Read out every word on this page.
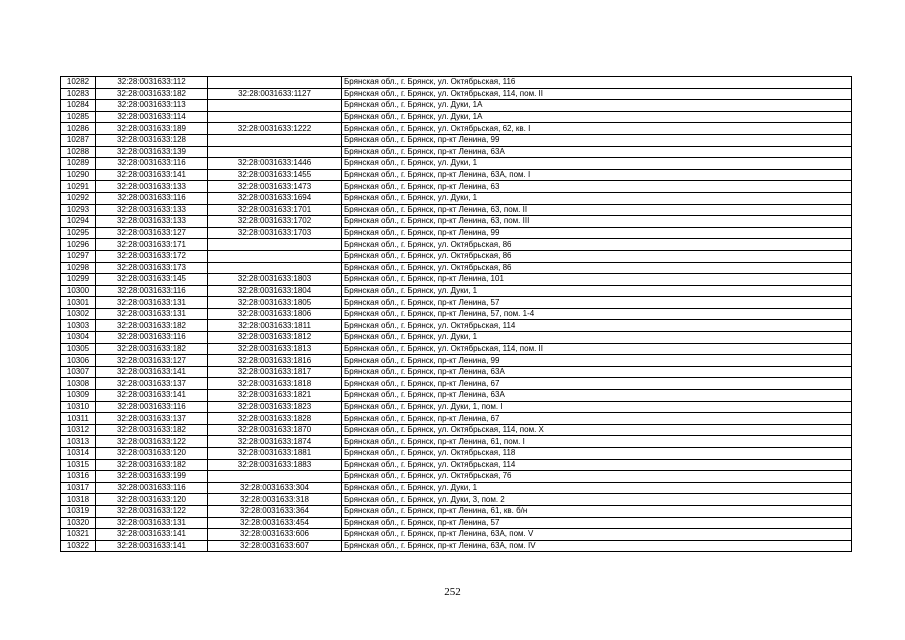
10282	32:28:0031633:112		Брянская обл., г. Брянск, ул. Октябрьская, 116
10283	32:28:0031633:182	32:28:0031633:1127	Брянская обл., г. Брянск, ул. Октябрьская, 114, пом. II
10284	32:28:0031633:113		Брянская обл., г. Брянск, ул. Дуки, 1А
10285	32:28:0031633:114		Брянская обл., г. Брянск, ул. Дуки, 1А
10286	32:28:0031633:189	32:28:0031633:1222	Брянская обл., г. Брянск, ул. Октябрьская, 62, кв. I
10287	32:28:0031633:128		Брянская обл., г. Брянск, пр-кт Ленина, 99
10288	32:28:0031633:139		Брянская обл., г. Брянск, пр-кт Ленина, 63А
10289	32:28:0031633:116	32:28:0031633:1446	Брянская обл., г. Брянск, ул. Дуки, 1
10290	32:28:0031633:141	32:28:0031633:1455	Брянская обл., г. Брянск, пр-кт Ленина, 63А, пом. I
10291	32:28:0031633:133	32:28:0031633:1473	Брянская обл., г. Брянск, пр-кт Ленина, 63
10292	32:28:0031633:116	32:28:0031633:1694	Брянская обл., г. Брянск, ул. Дуки, 1
10293	32:28:0031633:133	32:28:0031633:1701	Брянская обл., г. Брянск, пр-кт Ленина, 63, пом. II
10294	32:28:0031633:133	32:28:0031633:1702	Брянская обл., г. Брянск, пр-кт Ленина, 63, пом. III
10295	32:28:0031633:127	32:28:0031633:1703	Брянская обл., г. Брянск, пр-кт Ленина, 99
10296	32:28:0031633:171		Брянская обл., г. Брянск, ул. Октябрьская, 86
10297	32:28:0031633:172		Брянская обл., г. Брянск, ул. Октябрьская, 86
10298	32:28:0031633:173		Брянская обл., г. Брянск, ул. Октябрьская, 86
10299	32:28:0031633:145	32:28:0031633:1803	Брянская обл., г. Брянск, пр-кт Ленина, 101
10300	32:28:0031633:116	32:28:0031633:1804	Брянская обл., г. Брянск, ул. Дуки, 1
10301	32:28:0031633:131	32:28:0031633:1805	Брянская обл., г. Брянск, пр-кт Ленина, 57
10302	32:28:0031633:131	32:28:0031633:1806	Брянская обл., г. Брянск, пр-кт Ленина, 57, пом. 1-4
10303	32:28:0031633:182	32:28:0031633:1811	Брянская обл., г. Брянск, ул. Октябрьская, 114
10304	32:28:0031633:116	32:28:0031633:1812	Брянская обл., г. Брянск, ул. Дуки, 1
10305	32:28:0031633:182	32:28:0031633:1813	Брянская обл., г. Брянск, ул. Октябрьская, 114, пом. II
10306	32:28:0031633:127	32:28:0031633:1816	Брянская обл., г. Брянск, пр-кт Ленина, 99
10307	32:28:0031633:141	32:28:0031633:1817	Брянская обл., г. Брянск, пр-кт Ленина, 63А
10308	32:28:0031633:137	32:28:0031633:1818	Брянская обл., г. Брянск, пр-кт Ленина, 67
10309	32:28:0031633:141	32:28:0031633:1821	Брянская обл., г. Брянск, пр-кт Ленина, 63А
10310	32:28:0031633:116	32:28:0031633:1823	Брянская обл., г. Брянск, ул. Дуки, 1, пом. I
10311	32:28:0031633:137	32:28:0031633:1828	Брянская обл., г. Брянск, пр-кт Ленина, 67
10312	32:28:0031633:182	32:28:0031633:1870	Брянская обл., г. Брянск, ул. Октябрьская, 114, пом. X
10313	32:28:0031633:122	32:28:0031633:1874	Брянская обл., г. Брянск, пр-кт Ленина, 61, пом. I
10314	32:28:0031633:120	32:28:0031633:1881	Брянская обл., г. Брянск, ул. Октябрьская, 118
10315	32:28:0031633:182	32:28:0031633:1883	Брянская обл., г. Брянск, ул. Октябрьская, 114
10316	32:28:0031633:199		Брянская обл., г. Брянск, ул. Октябрьская, 76
10317	32:28:0031633:116	32:28:0031633:304	Брянская обл., г. Брянск, ул. Дуки, 1
10318	32:28:0031633:120	32:28:0031633:318	Брянская обл., г. Брянск, ул. Дуки, 3, пом. 2
10319	32:28:0031633:122	32:28:0031633:364	Брянская обл., г. Брянск, пр-кт Ленина, 61, кв. б/н
10320	32:28:0031633:131	32:28:0031633:454	Брянская обл., г. Брянск, пр-кт Ленина, 57
10321	32:28:0031633:141	32:28:0031633:606	Брянская обл., г. Брянск, пр-кт Ленина, 63А, пом. V
10322	32:28:0031633:141	32:28:0031633:607	Брянская обл., г. Брянск, пр-кт Ленина, 63А, пом. IV
252
